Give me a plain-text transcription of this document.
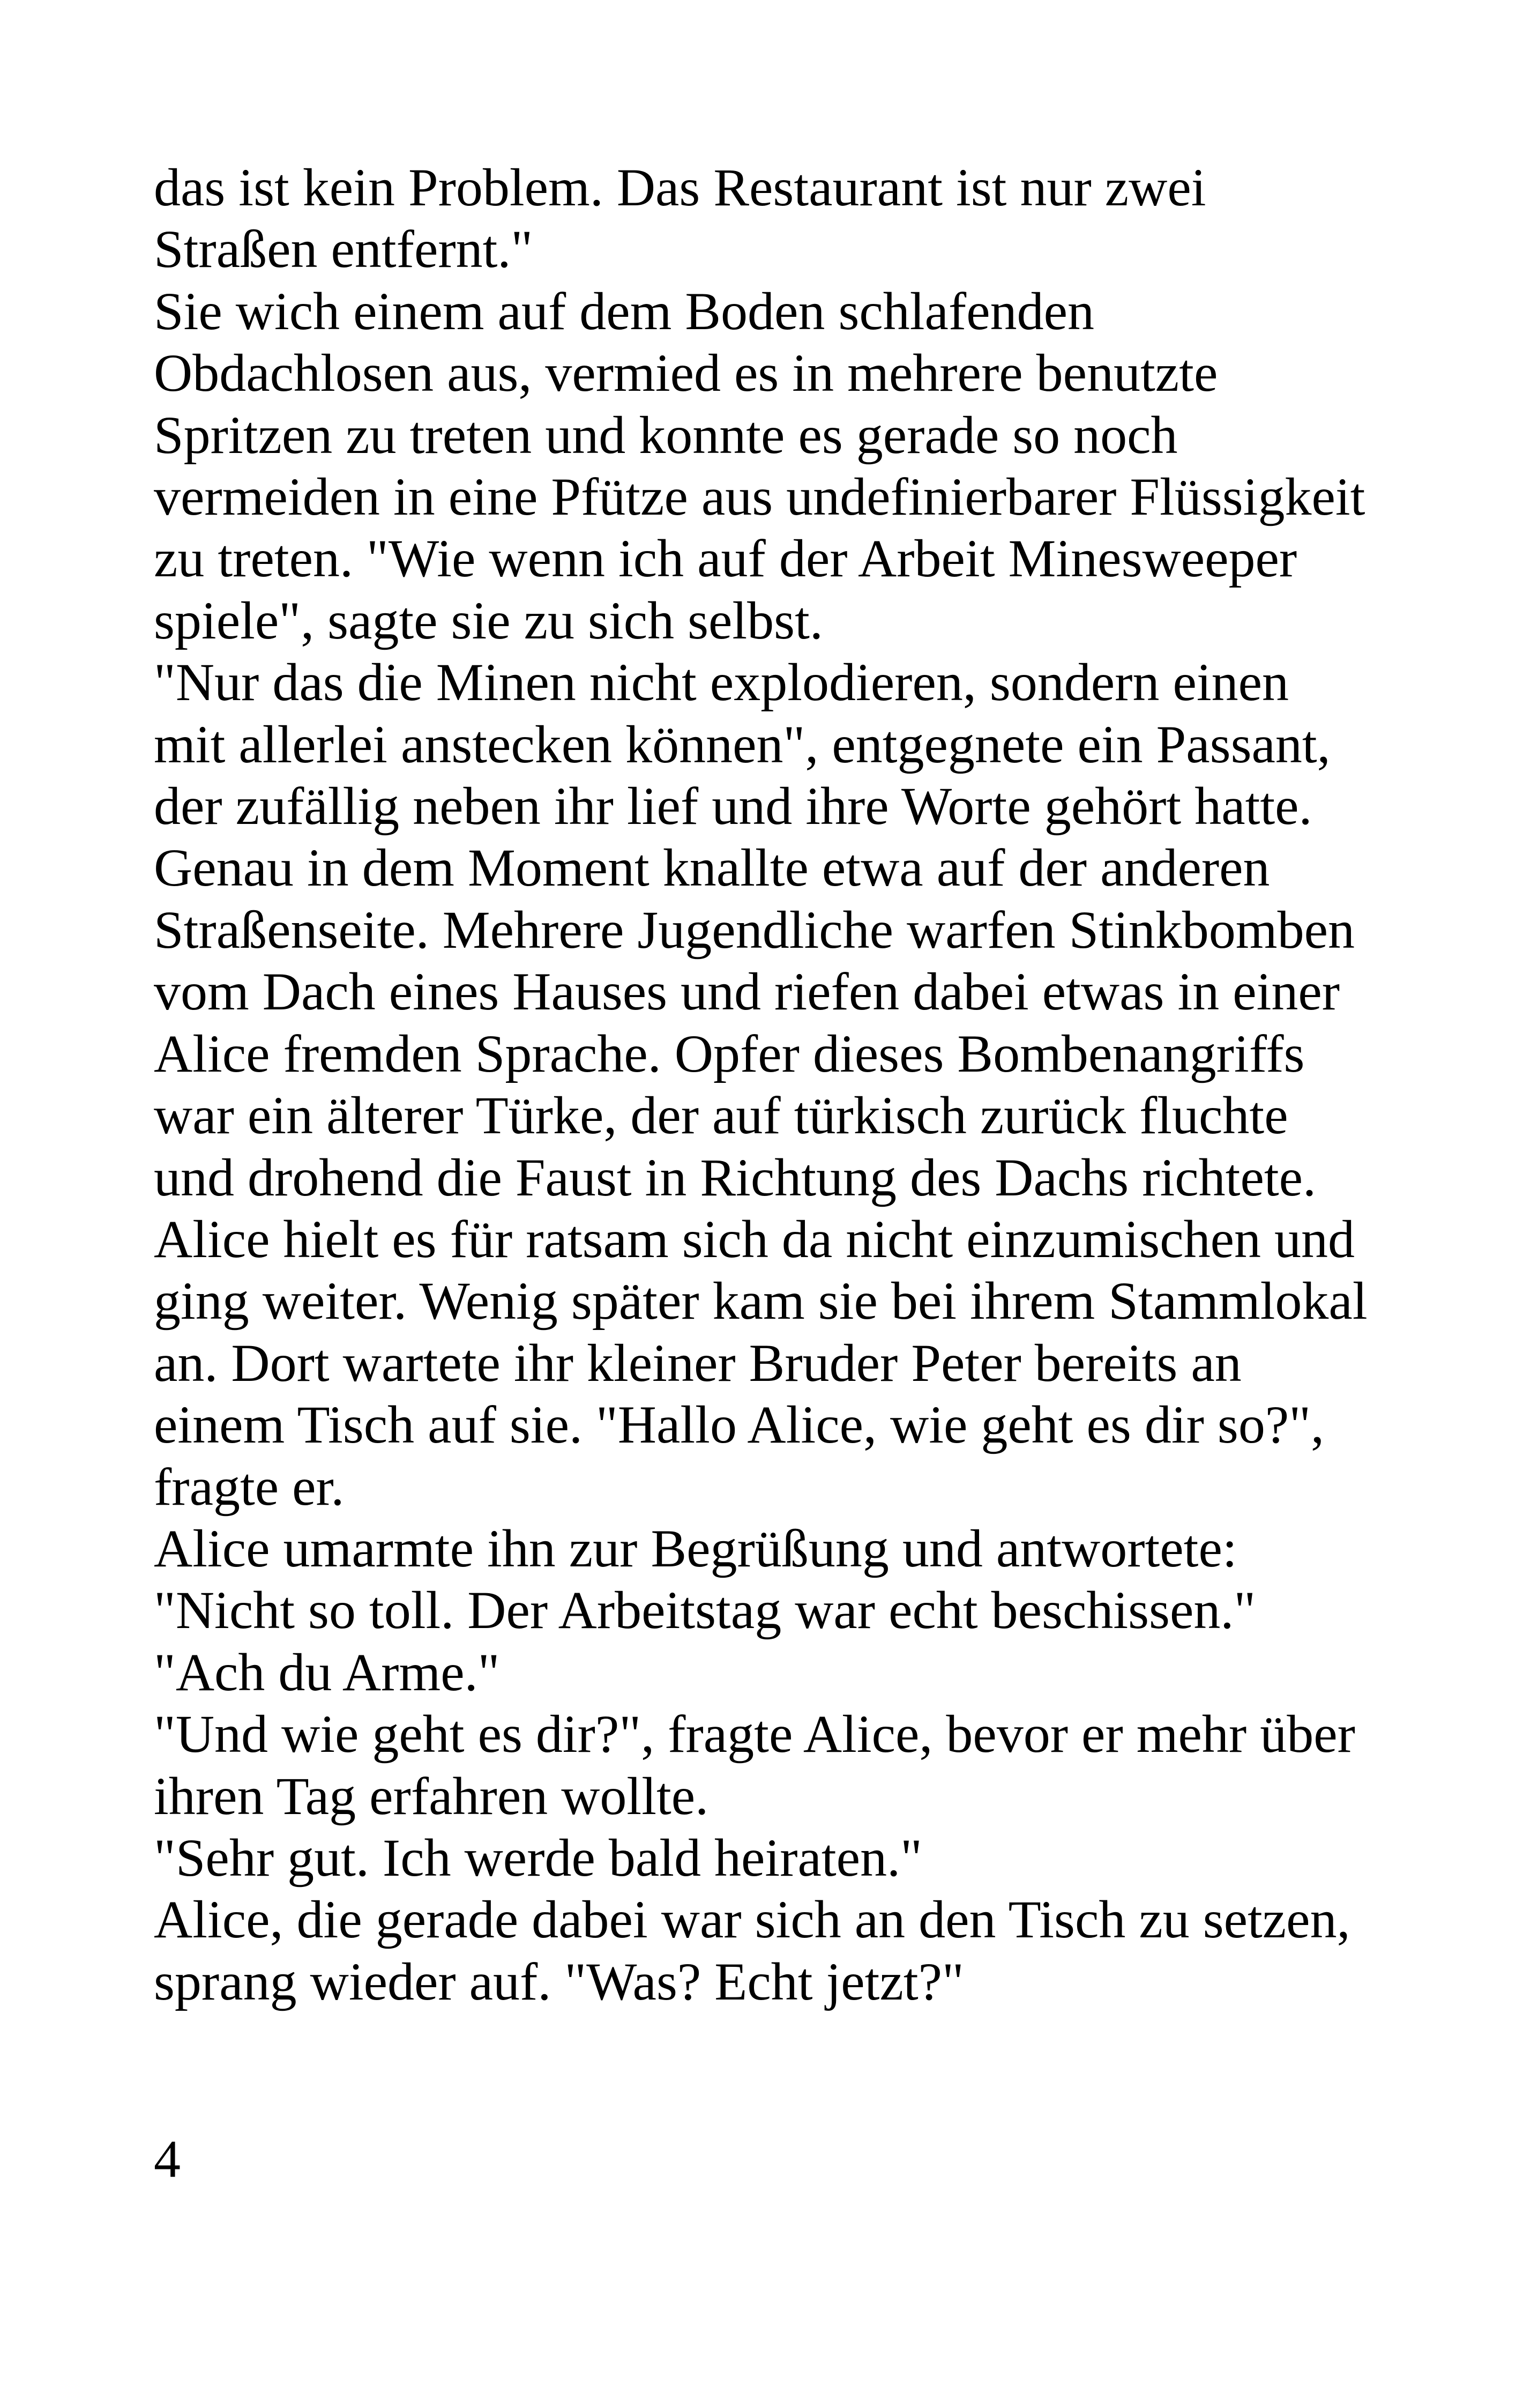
das ist kein Problem. Das Restaurant ist nur zwei
Straßen entfernt."
Sie wich einem auf dem Boden schlafenden
Obdachlosen aus, vermied es in mehrere benutzte
Spritzen zu treten und konnte es gerade so noch
vermeiden in eine Pfütze aus undefinierbarer Flüssigkeit
zu treten. "Wie wenn ich auf der Arbeit Minesweeper
spiele", sagte sie zu sich selbst.
"Nur das die Minen nicht explodieren, sondern einen
mit allerlei anstecken können", entgegnete ein Passant,
der zufällig neben ihr lief und ihre Worte gehört hatte.
Genau in dem Moment knallte etwa auf der anderen
Straßenseite. Mehrere Jugendliche warfen Stinkbomben
vom Dach eines Hauses und riefen dabei etwas in einer
Alice fremden Sprache. Opfer dieses Bombenangriffs
war ein älterer Türke, der auf türkisch zurück fluchte
und drohend die Faust in Richtung des Dachs richtete.
Alice hielt es für ratsam sich da nicht einzumischen und
ging weiter. Wenig später kam sie bei ihrem Stammlokal
an. Dort wartete ihr kleiner Bruder Peter bereits an
einem Tisch auf sie. "Hallo Alice, wie geht es dir so?",
fragte er.
Alice umarmte ihn zur Begrüßung und antwortete:
"Nicht so toll. Der Arbeitstag war echt beschissen."
"Ach du Arme."
"Und wie geht es dir?", fragte Alice, bevor er mehr über
ihren Tag erfahren wollte.
"Sehr gut. Ich werde bald heiraten."
Alice, die gerade dabei war sich an den Tisch zu setzen,
sprang wieder auf. "Was? Echt jetzt?"
4
